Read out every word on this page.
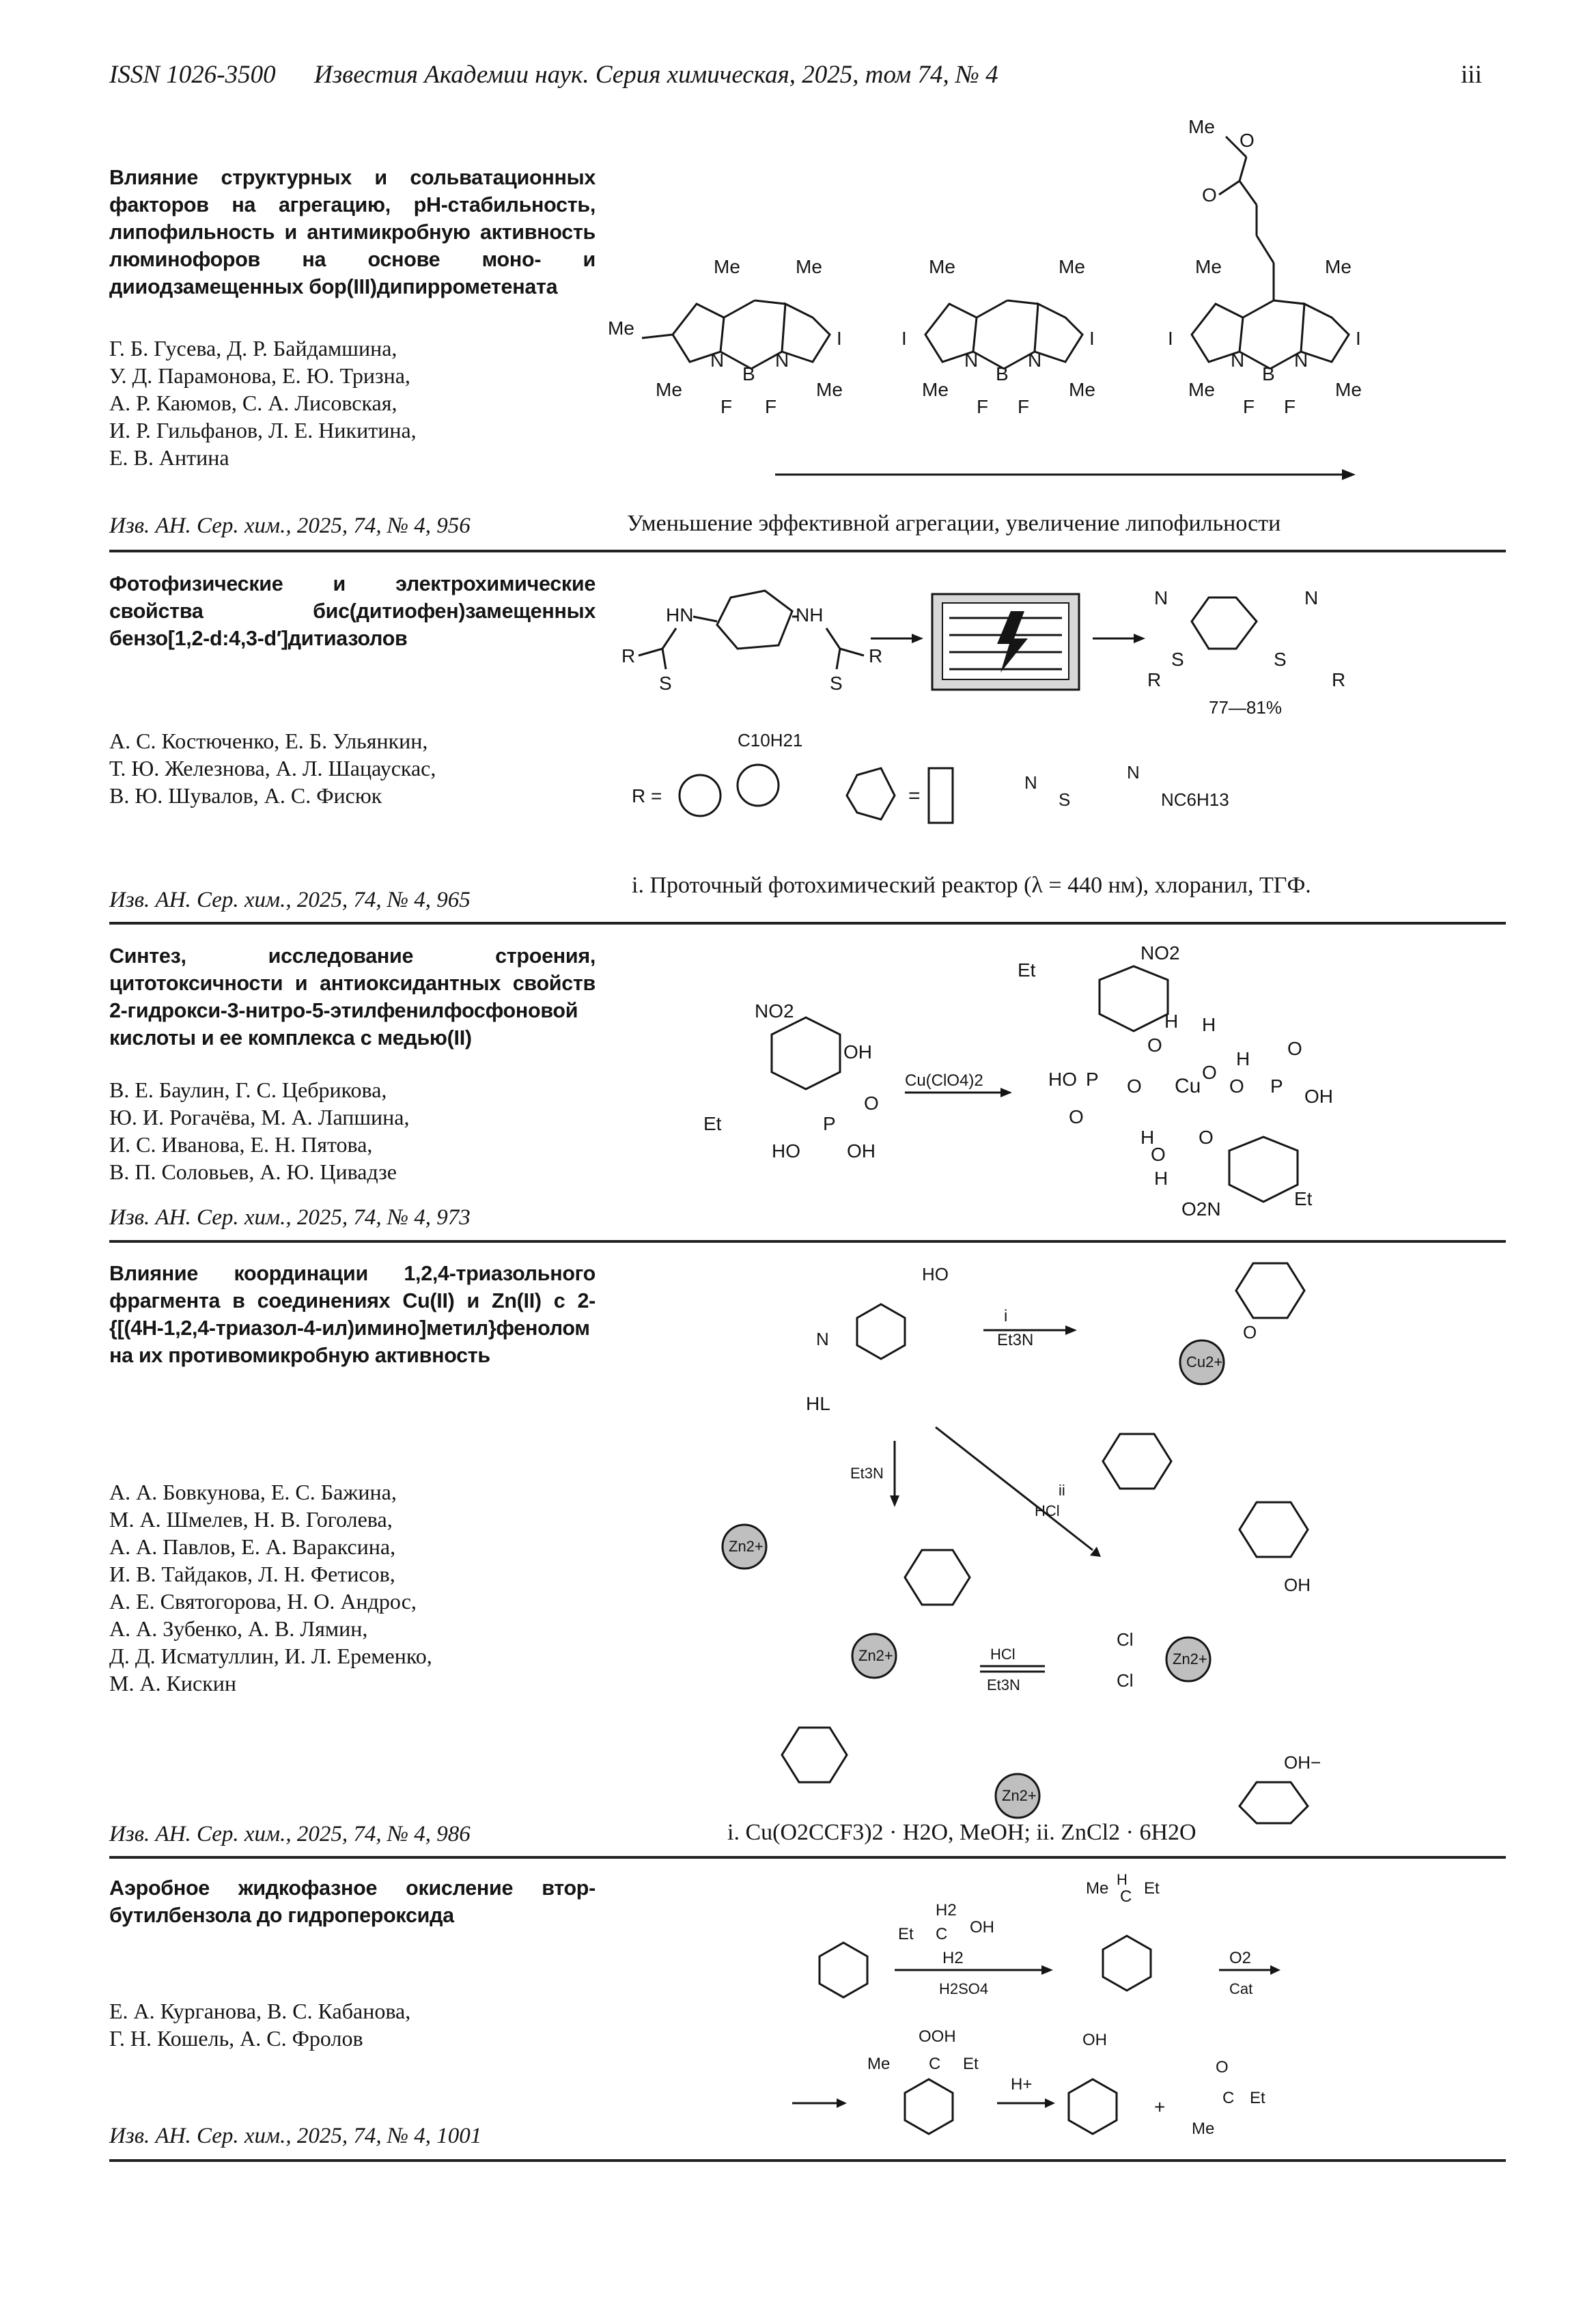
ISSN 1026-3500 Известия Академии наук. Серия химическая, 2025, том 74, № 4	iii
Влияние структурных и сольватационных факторов на агрегацию, pH-стабильность, липофильность и антимикробную активность люминофоров на основе моно- и дииодзамещенных бор(III)дипиррометената
Г. Б. Гусева, Д. Р. Байдамшина,
У. Д. Парамонова, Е. Ю. Тризна,
А. Р. Каюмов, С. А. Лисовская,
И. Р. Гильфанов, Л. Е. Никитина,
Е. В. Антина
Изв. АН. Сер. хим., 2025, 74, № 4, 956	Уменьшение эффективной агрегации, увеличение липофильности
Me	Me
Me
Me	Me
I
N
B
N
F F
Me	Me
I	I
Me	Me
N
B
N
F F
O
O
Me
Me	Me
I	I
Me	Me
N
B
N
F F
Фотофизические и электрохимические свойства бис(дитиофен)замещенных бензо[1,2-d:4,3-d′]дитиазолов
А. С. Костюченко, Е. Б. Ульянкин,
Т. Ю. Железнова, А. Л. Шацаускас,
В. Ю. Шувалов, А. С. Фисюк
Изв. АН. Сер. хим., 2025, 74, № 4, 965
i. Проточный фотохимический реактор (λ = 440 нм), хлоранил, ТГФ.
HN	NH
R
S
R
S
N	N
S	S
R	R
77—81%
R =
C10H21
=
N
S
N
NC6H13
Синтез, исследование строения, цитотоксичности и антиоксидантных свойств 2-гидрокси-3-нитро-5-этилфенилфосфоновой кислоты и ее комплекса с медью(II)
В. Е. Баулин, Г. С. Цебрикова,
Ю. И. Рогачёва, М. А. Лапшина,
И. С. Иванова, Е. Н. Пятова,
В. П. Соловьев, А. Ю. Цивадзе
Изв. АН. Сер. хим., 2025, 74, № 4, 973
NO2
OH
Et	P
O
HO OH
Cu(ClO4)2
Et
NO2
H
O
H
O
H
HO P O Cu O P OH
O
O
H
O
H
O
O2N	Et
Влияние координации 1,2,4-триазольного фрагмента в соединениях Cu(II) и Zn(II) с 2-{[(4H-1,2,4-триазол-4-ил)имино]метил}фенолом на их противомикробную активность
А. А. Бовкунова, Е. С. Бажина,
М. А. Шмелев, Н. В. Гоголева,
А. А. Павлов, Е. А. Вараксина,
И. В. Тайдаков, Л. Н. Фетисов,
А. Е. Святогорова, Н. О. Андрос,
А. А. Зубенко, А. В. Лямин,
Д. Д. Исматуллин, И. Л. Еременко,
М. А. Кискин
Изв. АН. Сер. хим., 2025, 74, № 4, 986	i. Cu(O2CCF3)2 · H2O, MeOH; ii. ZnCl2 · 6H2O
HO
N
HL
i
Et3N
Cu2+
O
Et3N
ii
HCl
Zn2+
Zn2+
Zn2+
HCl
Et3N
Zn2+
Cl
Cl
OH
OH−
Аэробное жидкофазное окисление втор-бутилбензола до гидропероксида
Е. А. Курганова, В. С. Кабанова,
Г. Н. Кошель, А. С. Фролов
Изв. АН. Сер. хим., 2025, 74, № 4, 1001
H2
Et C OH
H2
H2SO4
Me H
C Et
O2
Cat
OOH
Me C Et
H+
OH
+
O
C Et
Me
